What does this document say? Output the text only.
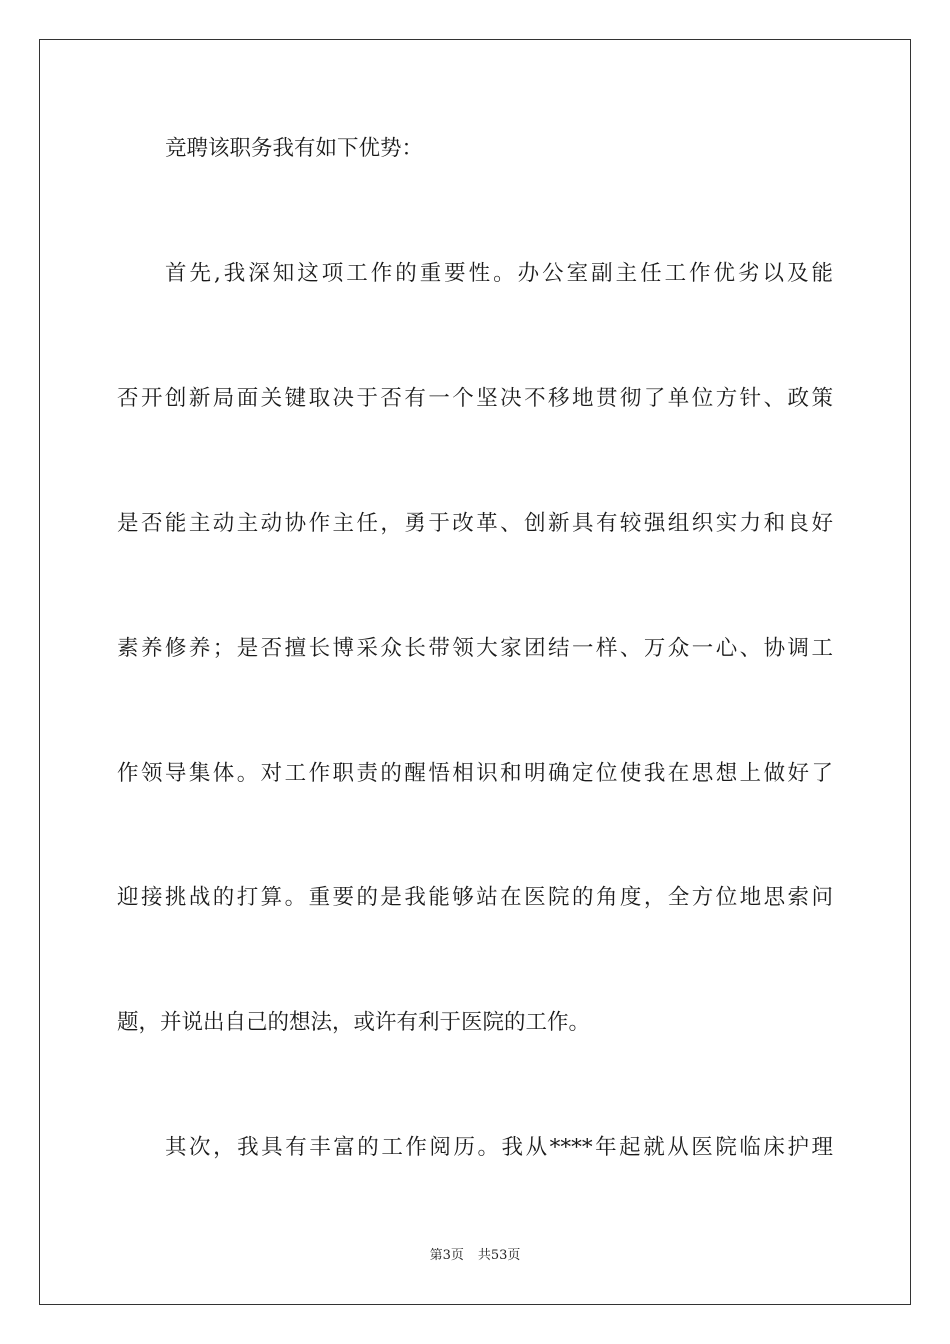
竞聘该职务我有如下优势：
首先,我深知这项工作的重要性。办公室副主任工作优劣以及能
否开创新局面关键取决于否有一个坚决不移地贯彻了单位方针、政策
是否能主动主动协作主任，勇于改革、创新具有较强组织实力和良好
素养修养；是否擅长博采众长带领大家团结一样、万众一心、协调工
作领导集体。对工作职责的醒悟相识和明确定位使我在思想上做好了
迎接挑战的打算。重要的是我能够站在医院的角度，全方位地思索问
题，并说出自己的想法，或许有利于医院的工作。
其次，我具有丰富的工作阅历。我从****年起就从医院临床护理
第3页 共53页
